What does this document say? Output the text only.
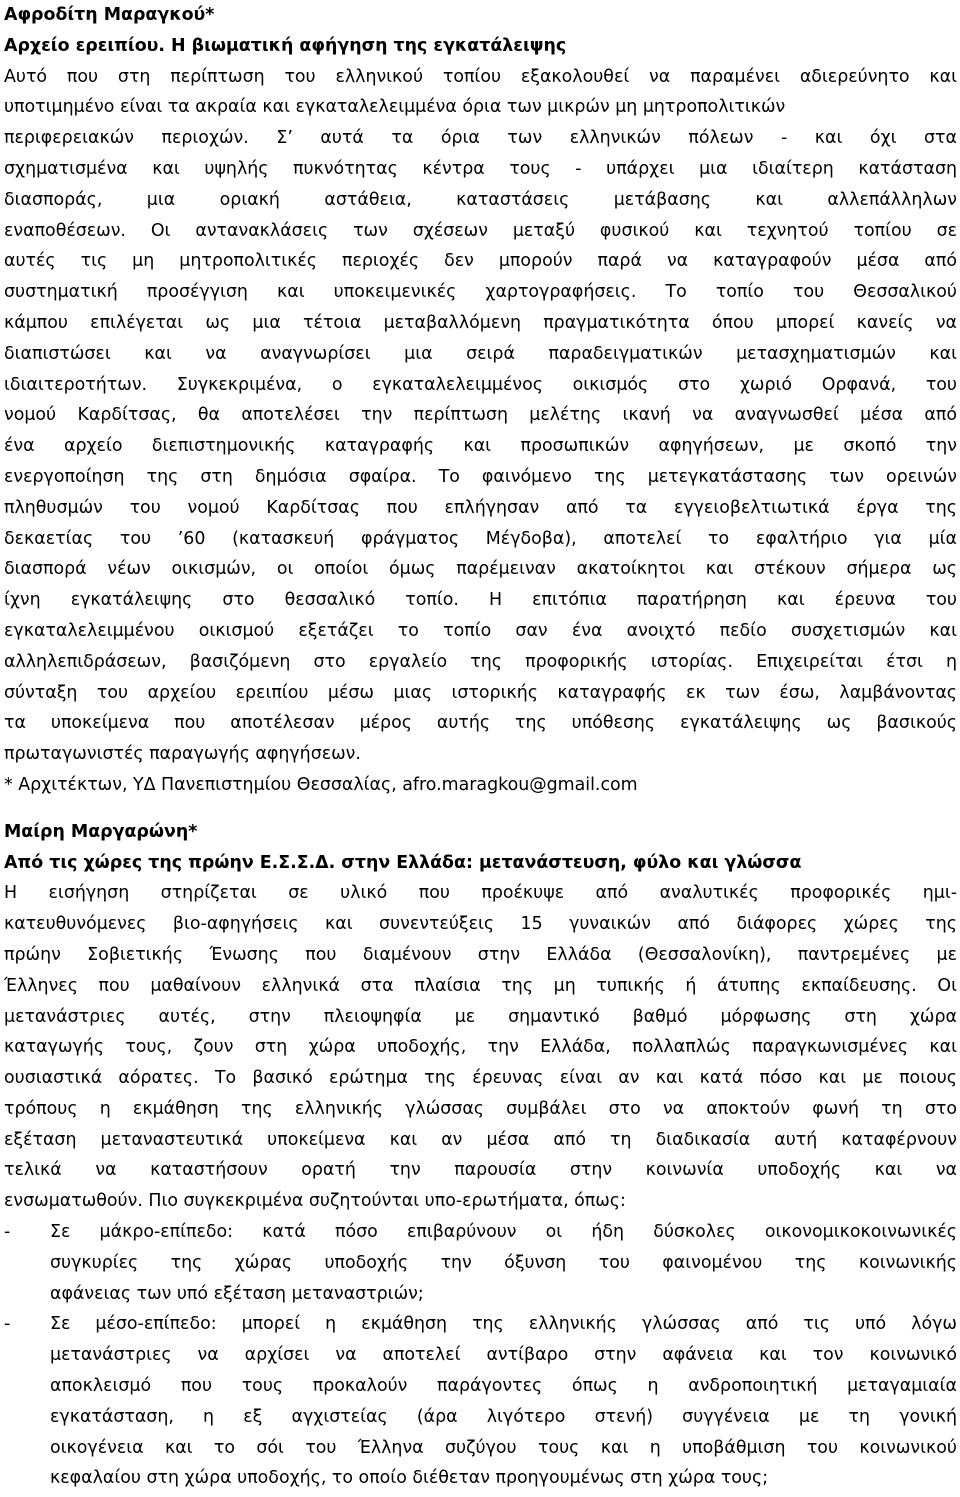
Αφροδίτη Μαραγκού*
Αρχείο ερειπίου. Η βιωματική αφήγηση της εγκατάλειψης
Αυτό που στη περίπτωση του ελληνικού τοπίου εξακολουθεί να παραμένει αδιερεύνητο και
υποτιμημένο είναι τα ακραία και εγκαταλελειμμένα όρια των μικρών μη μητροπολιτικών
περιφερειακών περιοχών. Σ’ αυτά τα όρια των ελληνικών πόλεων - και όχι στα
σχηματισμένα και υψηλής πυκνότητας κέντρα τους - υπάρχει μια ιδιαίτερη κατάσταση
διασποράς, μια οριακή αστάθεια, καταστάσεις μετάβασης και αλλεπάλληλων
εναποθέσεων. Οι αντανακλάσεις των σχέσεων μεταξύ φυσικού και τεχνητού τοπίου σε
αυτές τις μη μητροπολιτικές περιοχές δεν μπορούν παρά να καταγραφούν μέσα από
συστηματική προσέγγιση και υποκειμενικές χαρτογραφήσεις. Το τοπίο του Θεσσαλικού
κάμπου επιλέγεται ως μια τέτοια μεταβαλλόμενη πραγματικότητα όπου μπορεί κανείς να
διαπιστώσει και να αναγνωρίσει μια σειρά παραδειγματικών μετασχηματισμών και
ιδιαιτεροτήτων. Συγκεκριμένα, ο εγκαταλελειμμένος οικισμός στο χωριό Ορφανά, του
νομού Καρδίτσας, θα αποτελέσει την περίπτωση μελέτης ικανή να αναγνωσθεί μέσα από
ένα αρχείο διεπιστημονικής καταγραφής και προσωπικών αφηγήσεων, με σκοπό την
ενεργοποίηση της στη δημόσια σφαίρα. Το φαινόμενο της μετεγκατάστασης των ορεινών
πληθυσμών του νομού Καρδίτσας που επλήγησαν από τα εγγειοβελτιωτικά έργα της
δεκαετίας του ’60 (κατασκευή φράγματος Μέγδοβα), αποτελεί το εφαλτήριο για μία
διασπορά νέων οικισμών, οι οποίοι όμως παρέμειναν ακατοίκητοι και στέκουν σήμερα ως
ίχνη εγκατάλειψης στο θεσσαλικό τοπίο. Η επιτόπια παρατήρηση και έρευνα του
εγκαταλελειμμένου οικισμού εξετάζει το τοπίο σαν ένα ανοιχτό πεδίο συσχετισμών και
αλληλεπιδράσεων, βασιζόμενη στο εργαλείο της προφορικής ιστορίας. Επιχειρείται έτσι η
σύνταξη του αρχείου ερειπίου μέσω μιας ιστορικής καταγραφής εκ των έσω, λαμβάνοντας
τα υποκείμενα που αποτέλεσαν μέρος αυτής της υπόθεσης εγκατάλειψης ως βασικούς
πρωταγωνιστές παραγωγής αφηγήσεων.
* Αρχιτέκτων, ΥΔ Πανεπιστημίου Θεσσαλίας, afro.maragkou@gmail.com
Μαίρη Μαργαρώνη*
Από τις χώρες της πρώην Ε.Σ.Σ.Δ. στην Ελλάδα: μετανάστευση, φύλο και γλώσσα
Η εισήγηση στηρίζεται σε υλικό που προέκυψε από αναλυτικές προφορικές ημι-
κατευθυνόμενες βιο-αφηγήσεις και συνεντεύξεις 15 γυναικών από διάφορες χώρες της
πρώην Σοβιετικής Ένωσης που διαμένουν στην Ελλάδα (Θεσσαλονίκη), παντρεμένες με
Έλληνες που μαθαίνουν ελληνικά στα πλαίσια της μη τυπικής ή άτυπης εκπαίδευσης. Οι
μετανάστριες αυτές, στην πλειοψηφία με σημαντικό βαθμό μόρφωσης στη χώρα
καταγωγής τους, ζουν στη χώρα υποδοχής, την Ελλάδα, πολλαπλώς παραγκωνισμένες και
ουσιαστικά αόρατες. Το βασικό ερώτημα της έρευνας είναι αν και κατά πόσο και με ποιους
τρόπους η εκμάθηση της ελληνικής γλώσσας συμβάλει στο να αποκτούν φωνή τη στο
εξέταση μεταναστευτικά υποκείμενα και αν μέσα από τη διαδικασία αυτή καταφέρνουν
τελικά να καταστήσουν ορατή την παρουσία στην κοινωνία υποδοχής και να
ενσωματωθούν. Πιο συγκεκριμένα συζητούνται υπο-ερωτήματα, όπως:
-	Σε μάκρο-επίπεδο: κατά πόσο επιβαρύνουν οι ήδη δύσκολες οικονομικοκοινωνικές
συγκυρίες της χώρας υποδοχής την όξυνση του φαινομένου της κοινωνικής
αφάνειας των υπό εξέταση μεταναστριών;
-	Σε μέσο-επίπεδο: μπορεί η εκμάθηση της ελληνικής γλώσσας από τις υπό λόγω
μετανάστριες να αρχίσει να αποτελεί αντίβαρο στην αφάνεια και τον κοινωνικό
αποκλεισμό που τους προκαλούν παράγοντες όπως η ανδροποιητική μεταγαμιαία
εγκατάσταση, η εξ αγχιστείας (άρα λιγότερο στενή) συγγένεια με τη γονική
οικογένεια και το σόι του Έλληνα συζύγου τους και η υποβάθμιση του κοινωνικού
κεφαλαίου στη χώρα υποδοχής, το οποίο διέθεταν προηγουμένως στη χώρα τους;
